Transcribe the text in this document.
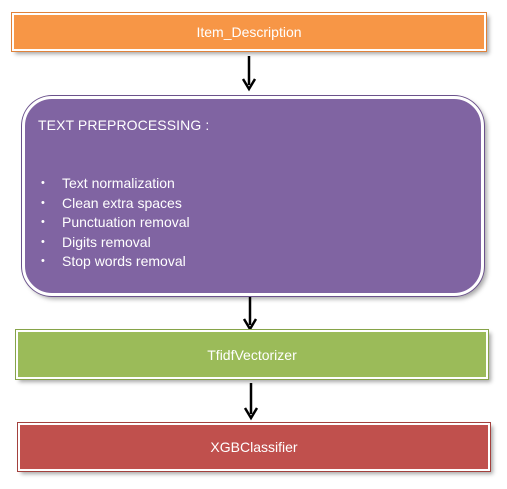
Item_Description
TEXT PREPROCESSING :
•	Text normalization
•	Clean extra spaces
•	Punctuation removal
•	Digits removal
•	Stop words removal
TfidfVectorizer
XGBClassifier
